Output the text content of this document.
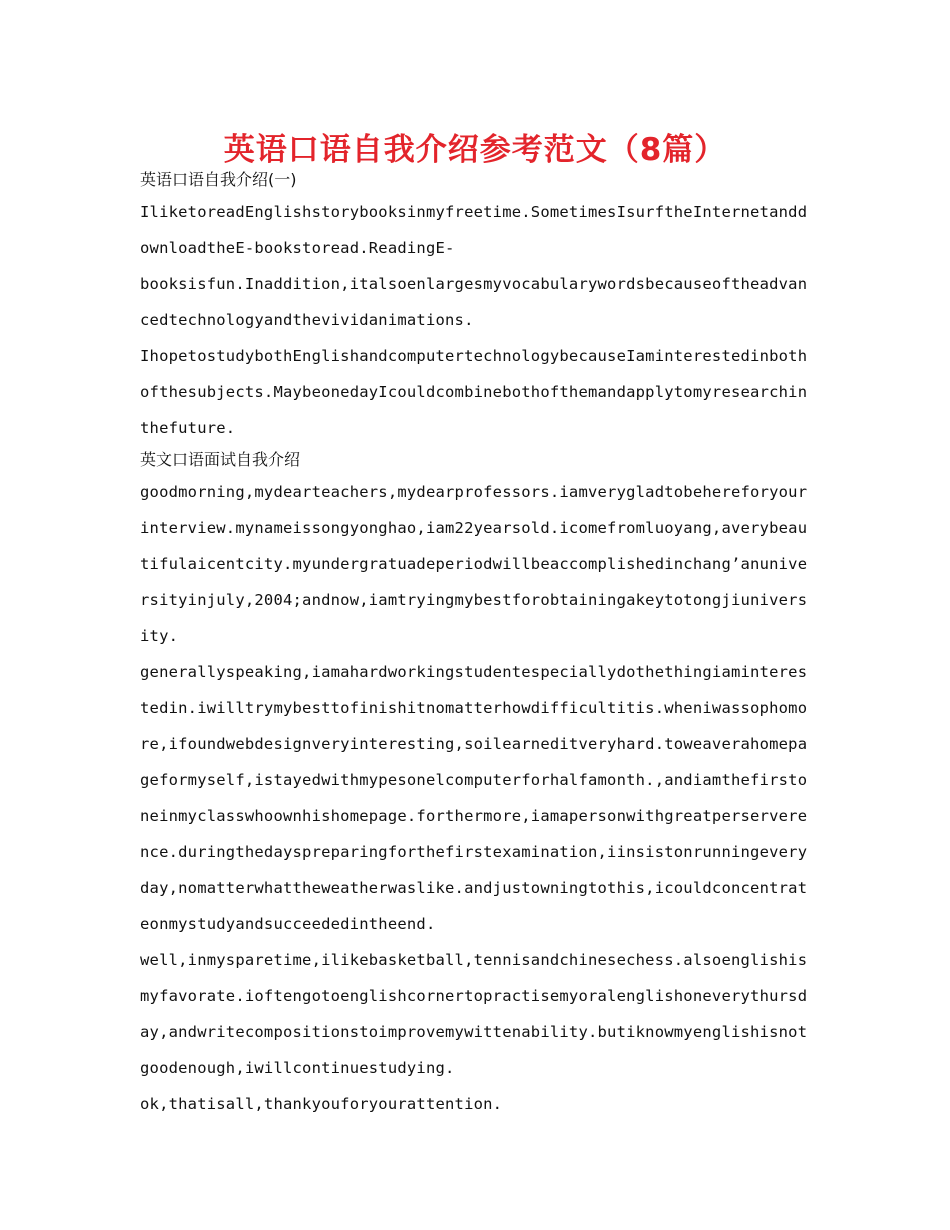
英语口语自我介绍参考范文（8篇）
英语口语自我介绍(一)

IliketoreadEnglishstorybooksinmyfreetime.SometimesIsurftheInternetanddownloadtheE-bookstoread.ReadingE-

booksisfun.Inaddition,italsoenlargesmyvocabularywordsbecauseoftheadvancedtechnologyandthevividanimations.

IhopetostudybothEnglishandcomputertechnologybecauseIaminterestedinbothofthesubjects.MaybeonedayIcouldcombinebothofthemandapplytomyresearchinthefuture.

英文口语面试自我介绍

goodmorning,mydearteachers,mydearprofessors.iamverygladtobehereforyourinterview.mynameissongyonghao,iam22yearsold.icomefromluoyang,averybeautifulaicentcity.myundergratuadeperiodwillbeaccomplishedinchang’anuniversityinjuly,2004;andnow,iamtryingmybestforobtainingakeytotongjiuniversity.

generallyspeaking,iamahardworkingstudentespeciallydothethingiaminterestedin.iwilltrymybesttofinishitnomatterhowdifficultitis.wheniwassophomore,ifoundwebdesignveryinteresting,soilearneditveryhard.toweaverahomepageformyself,istayedwithmypesonelcomputerforhalfamonth.,andiamthefirstoneinmyclasswhoownhishomepage.forthermore,iamapersonwithgreatperserverence.duringthedayspreparingforthefirstexamination,iinsistonrunningeveryday,nomatterwhattheweatherwaslike.andjustowningtothis,icouldconcentrateonmystudyandsucceededintheend.

well,inmysparetime,ilikebasketball,tennisandchinesechess.alsoenglishismyfavorate.ioftengotoenglishcornertopractisemyoralenglishoneverythursday,andwritecompositionstoimprovemywittenability.butiknowmyenglishisnotgoodenough,iwillcontinuestudying.

ok,thatisall,thankyouforyourattention.
